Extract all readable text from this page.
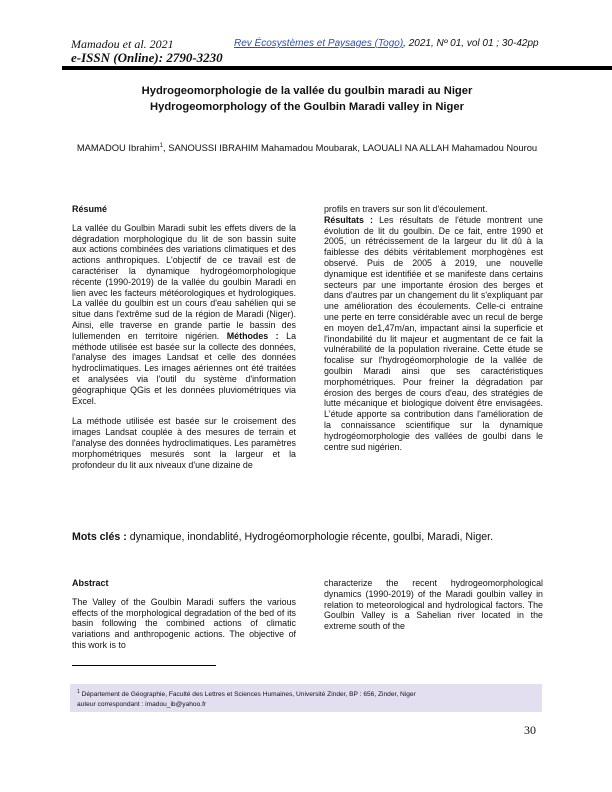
Mamadou et al. 2021
e-ISSN (Online): 2790-3230
Rev Écosystèmes et Paysages (Togo), 2021, Nº 01, vol 01 ; 30-42pp
Hydrogeomorphologie de la vallée du goulbin maradi au Niger
Hydrogeomorphology of the Goulbin Maradi valley in Niger
MAMADOU Ibrahim$^1$, SANOUSSI IBRAHIM Mahamadou Moubarak, LAOUALI NA ALLAH Mahamadou Nourou

Résumé

La vallée du Goulbin Maradi subit les effets divers de la dégradation morphologique du lit de son bassin suite aux actions combinées des variations climatiques et des actions anthropiques. L'objectif de ce travail est de caractériser la dynamique hydrogéomorphologique récente (1990-2019) de la vallée du goulbin Maradi en lien avec les facteurs météorologiques et hydrologiques. La vallée du goulbin est un cours d'eau sahélien qui se situe dans l'extrême sud de la région de Maradi (Niger). Ainsi, elle traverse en grande partie le bassin des Iullemenden en territoire nigérien. Méthodes : La méthode utilisée est basée sur la collecte des données, l'analyse des images Landsat et celle des données hydroclimatiques. Les images aériennes ont été traitées et analysées via l'outil du système d'information géographique QGis et les données pluviométriques via Excel.

La méthode utilisée est basée sur le croisement des images Landsat couplée à des mesures de terrain et l'analyse des données hydroclimatiques. Les paramètres morphométriques mesurés sont la largeur et la profondeur du lit aux niveaux d'une dizaine de

profils en travers sur son lit d'écoulement.

Résultats : Les résultats de l'étude montrent une évolution de lit du goulbin. De ce fait, entre 1990 et 2005, un rétrécissement de la largeur du lit dû à la faiblesse des débits véritablement morphogènes est observé. Puis de 2005 à 2019, une nouvelle dynamique est identifiée et se manifeste dans certains secteurs par une importante érosion des berges et dans d'autres par un changement du lit s'expliquant par une amélioration des écoulements. Celle-ci entraine une perte en terre considérable avec un recul de berge en moyen de1,47m/an, impactant ainsi la superficie et l'inondabilité du lit majeur et augmentant de ce fait la vulnérabilité de la population riveraine. Cette étude se focalise sur l'hydrogéomorphologie de la vallée de goulbin Maradi ainsi que ses caractéristiques morphométriques. Pour freiner la dégradation par érosion des berges de cours d'eau, des stratégies de lutte mécanique et biologique doivent être envisagées. L'étude apporte sa contribution dans l'amélioration de la connaissance scientifique sur la dynamique hydrogéomorphologie des vallées de goulbi dans le centre sud nigérien.

Mots clés : dynamique, inondablité, Hydrogéomorphologie récente, goulbi, Maradi, Niger.

Abstract

The Valley of the Goulbin Maradi suffers the various effects of the morphological degradation of the bed of its basin following the combined actions of climatic variations and anthropogenic actions. The objective of this work is to

characterize the recent hydrogeomorphological dynamics (1990-2019) of the Maradi goulbin valley in relation to meteorological and hydrological factors. The Goulbin Valley is a Sahelian river located in the extreme south of the

$^1$ Département de Géographie, Faculté des Lettres et Sciences Humaines, Université Zinder, BP : 656, Zinder, Niger
auteur correspondant : imadou_ib@yahoo.fr
30
